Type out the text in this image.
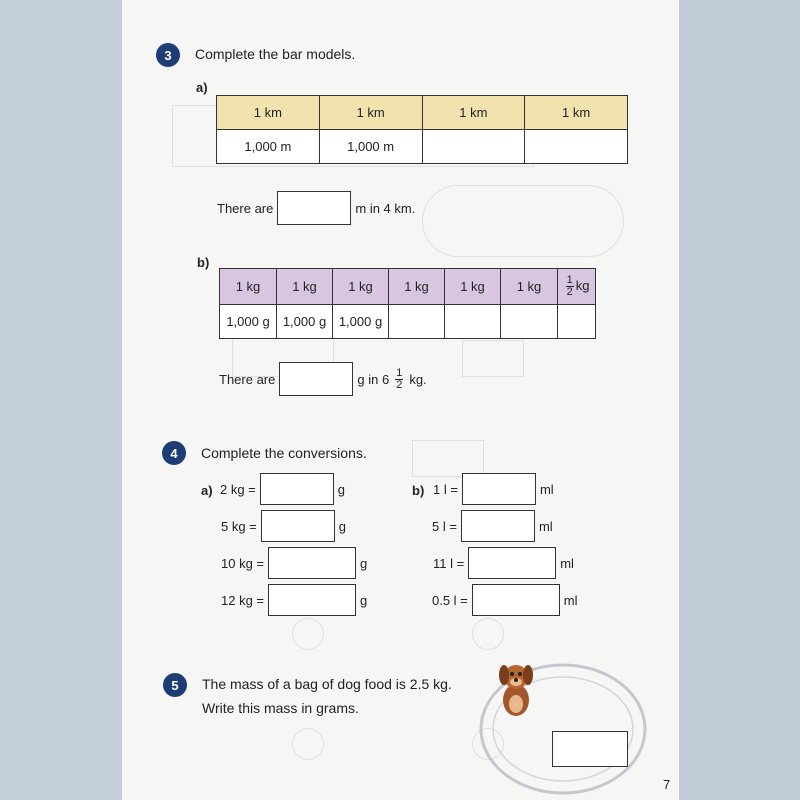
3	Complete the bar models.
a)
1 km	1 km	1 km	1 km
1,000 m	1,000 m		
There are	m in 4 km.
b)
1 kg	1 kg	1 kg	1 kg	1 kg	1 kg	$\frac{1}{2}$ kg
1,000 g	1,000 g	1,000 g				
There are	g in $6 \frac{1}{2}$ kg.
4	Complete the conversions.
a)	b)
2 kg =	g
5 kg =	g
10 kg =	g
12 kg =	g
1 l =	ml
5 l =	ml
11 l =	ml
0.5 l =	ml
5	The mass of a bag of dog food is 2.5 kg.
Write this mass in grams.
7
